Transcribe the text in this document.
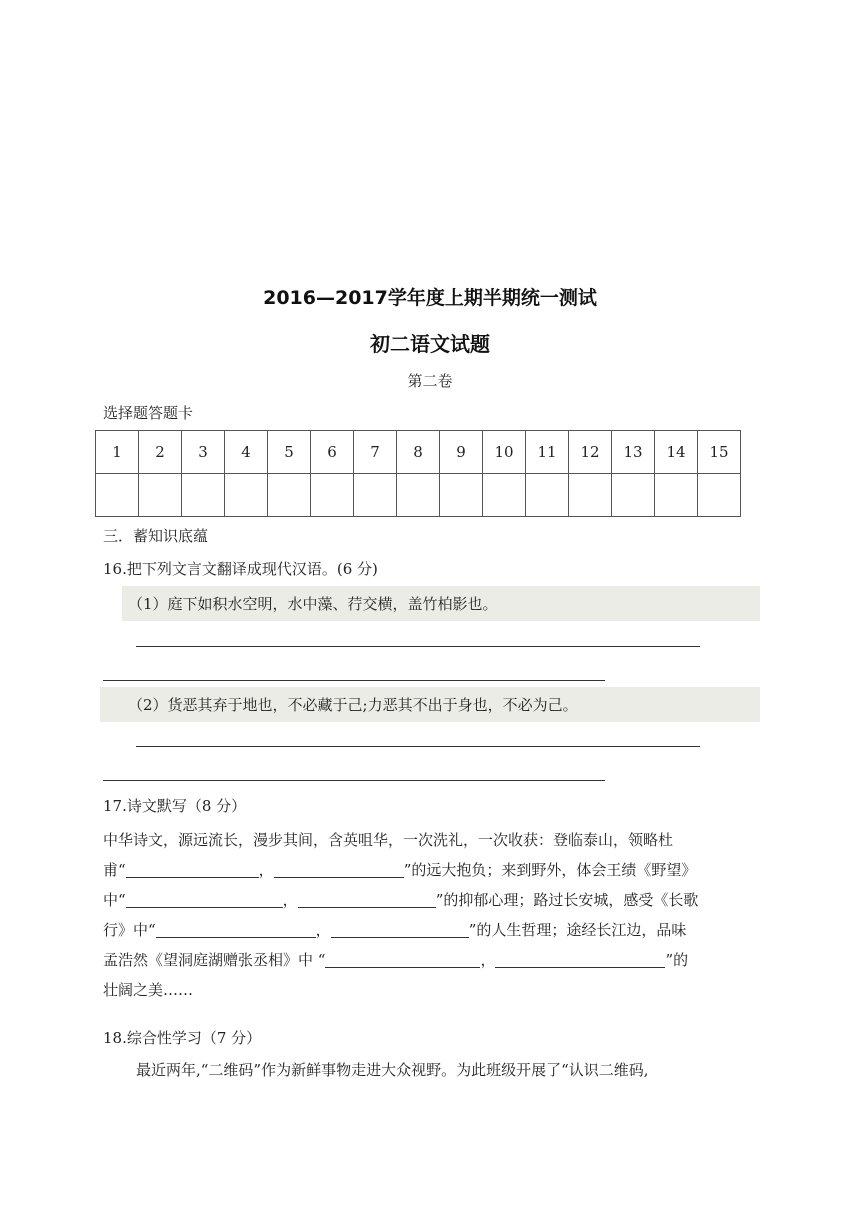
2016—2017学年度上期半期统一测试
初二语文试题
第二卷
选择题答题卡
1	2	3	4	5	6	7	8	9	10	11	12	13	14	15

三．蓄知识底蕴
16.把下列文言文翻译成现代汉语。(6 分)
（1）庭下如积水空明，水中藻、荇交横，盖竹柏影也。
（2）货恶其弃于地也，不必藏于己;力恶其不出于身也，不必为己。
17.诗文默写（8 分）
中华诗文，源远流长，漫步其间，含英咀华，一次洗礼，一次收获：登临泰山，领略杜
甫“	，	”的远大抱负；来到野外，体会王绩《野望》
中“	，	”的抑郁心理；路过长安城，感受《长歌
行》中“	，	”的人生哲理；途经长江边，品味
孟浩然《望洞庭湖赠张丞相》中 “	，	”的
壮阔之美……
18.综合性学习（7 分）
最近两年,“二维码”作为新鲜事物走进大众视野。为此班级开展了“认识二维码,
